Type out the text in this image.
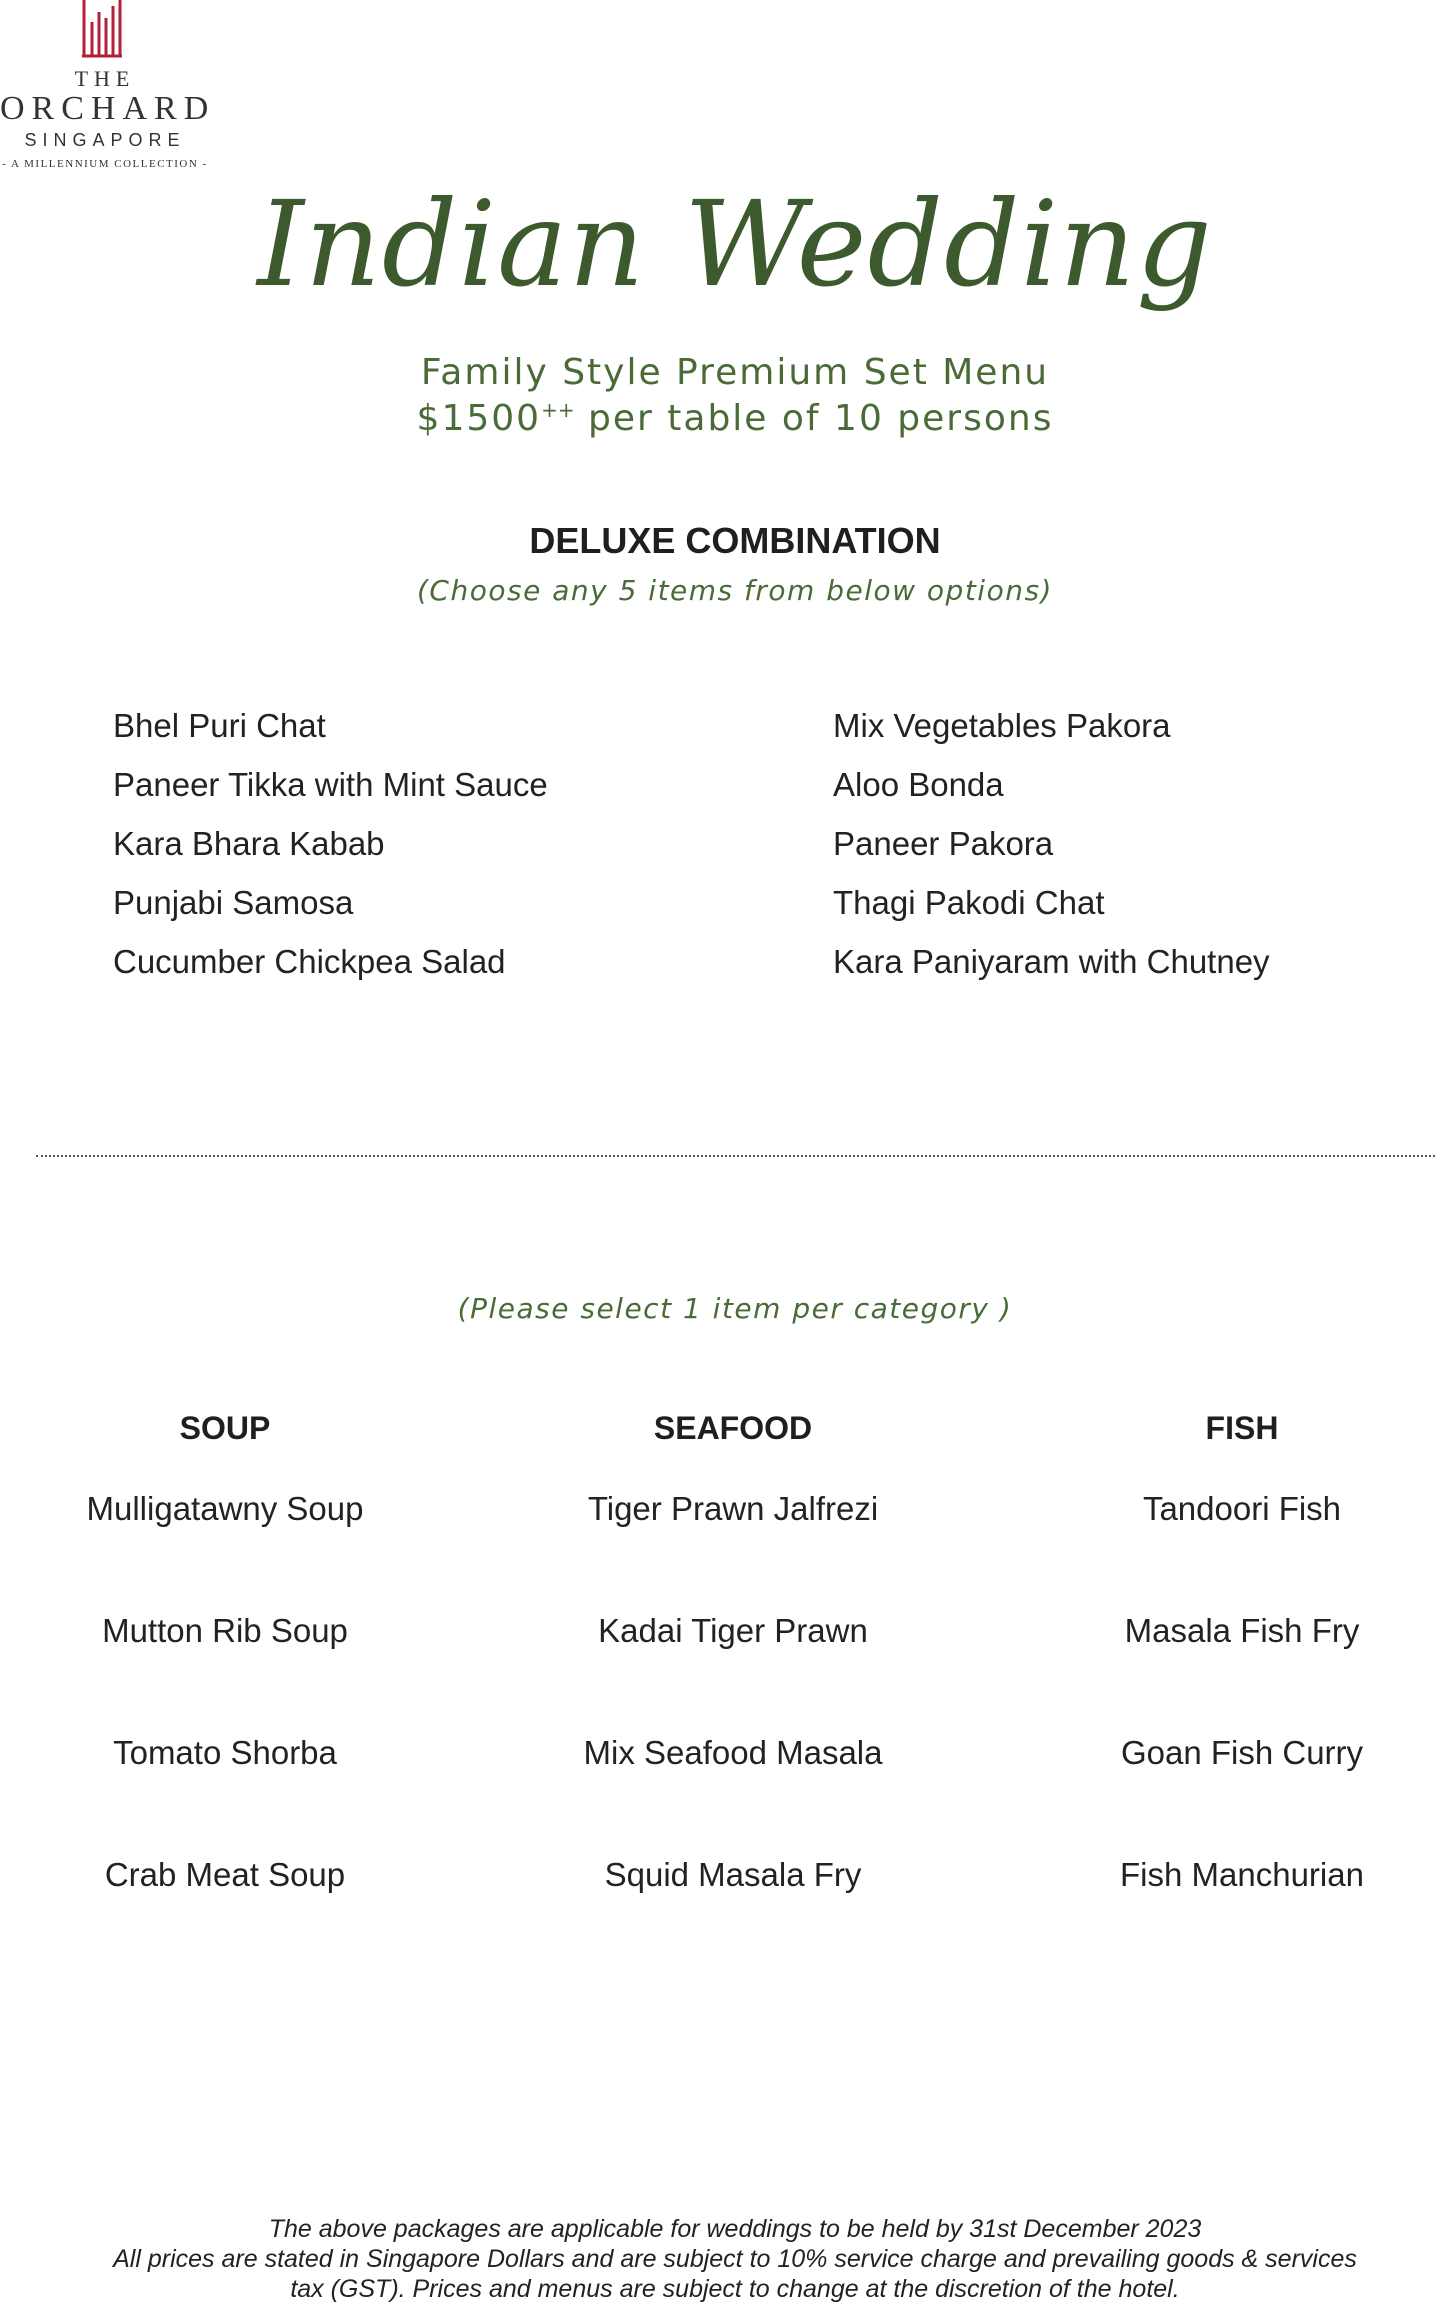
THE
ORCHARD
SINGAPORE
- A MILLENNIUM COLLECTION -
Indian Wedding
Family Style Premium Set Menu
$1500++ per table of 10 persons
DELUXE COMBINATION
(Choose any 5 items from below options)
Bhel Puri Chat
Paneer Tikka with Mint Sauce
Kara Bhara Kabab
Punjabi Samosa
Cucumber Chickpea Salad
Mix Vegetables Pakora
Aloo Bonda
Paneer Pakora
Thagi Pakodi Chat
Kara Paniyaram with Chutney
(Please select 1 item per category )
SOUP
Mulligatawny Soup
Mutton Rib Soup
Tomato Shorba
Crab Meat Soup
SEAFOOD
Tiger Prawn Jalfrezi
Kadai Tiger Prawn
Mix Seafood Masala
Squid Masala Fry
FISH
Tandoori Fish
Masala Fish Fry
Goan Fish Curry
Fish Manchurian
The above packages are applicable for weddings to be held by 31st December 2023
All prices are stated in Singapore Dollars and are subject to 10% service charge and prevailing goods & services
tax (GST). Prices and menus are subject to change at the discretion of the hotel.
